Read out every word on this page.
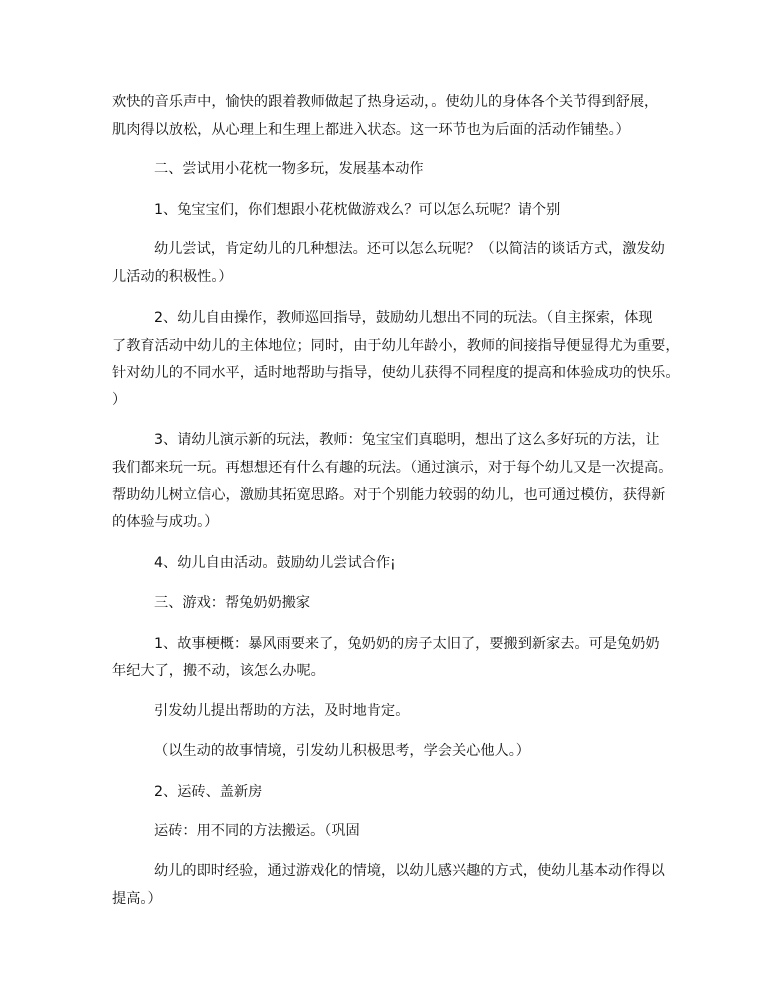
欢快的音乐声中，愉快的跟着教师做起了热身运动，。使幼儿的身体各个关节得到舒展，
肌肉得以放松，从心理上和生理上都进入状态。这一环节也为后面的活动作铺垫。）
二、尝试用小花枕一物多玩，发展基本动作
1、兔宝宝们，你们想跟小花枕做游戏么？可以怎么玩呢？请个别
幼儿尝试，肯定幼儿的几种想法。还可以怎么玩呢？（以简洁的谈话方式，激发幼
儿活动的积极性。）
2、幼儿自由操作，教师巡回指导，鼓励幼儿想出不同的玩法。（自主探索，体现
了教育活动中幼儿的主体地位；同时，由于幼儿年龄小，教师的间接指导便显得尤为重要，
针对幼儿的不同水平，适时地帮助与指导，使幼儿获得不同程度的提高和体验成功的快乐。
）
3、请幼儿演示新的玩法，教师：兔宝宝们真聪明，想出了这么多好玩的方法，让
我们都来玩一玩。再想想还有什么有趣的玩法。（通过演示，对于每个幼儿又是一次提高。
帮助幼儿树立信心，激励其拓宽思路。对于个别能力较弱的幼儿，也可通过模仿，获得新
的体验与成功。）
4、幼儿自由活动。鼓励幼儿尝试合作¡
三、游戏：帮兔奶奶搬家
1、故事梗概：暴风雨要来了，兔奶奶的房子太旧了，要搬到新家去。可是兔奶奶
年纪大了，搬不动，该怎么办呢。
引发幼儿提出帮助的方法，及时地肯定。
（以生动的故事情境，引发幼儿积极思考，学会关心他人。）
2、运砖、盖新房
运砖：用不同的方法搬运。（巩固
幼儿的即时经验，通过游戏化的情境，以幼儿感兴趣的方式，使幼儿基本动作得以
提高。）
